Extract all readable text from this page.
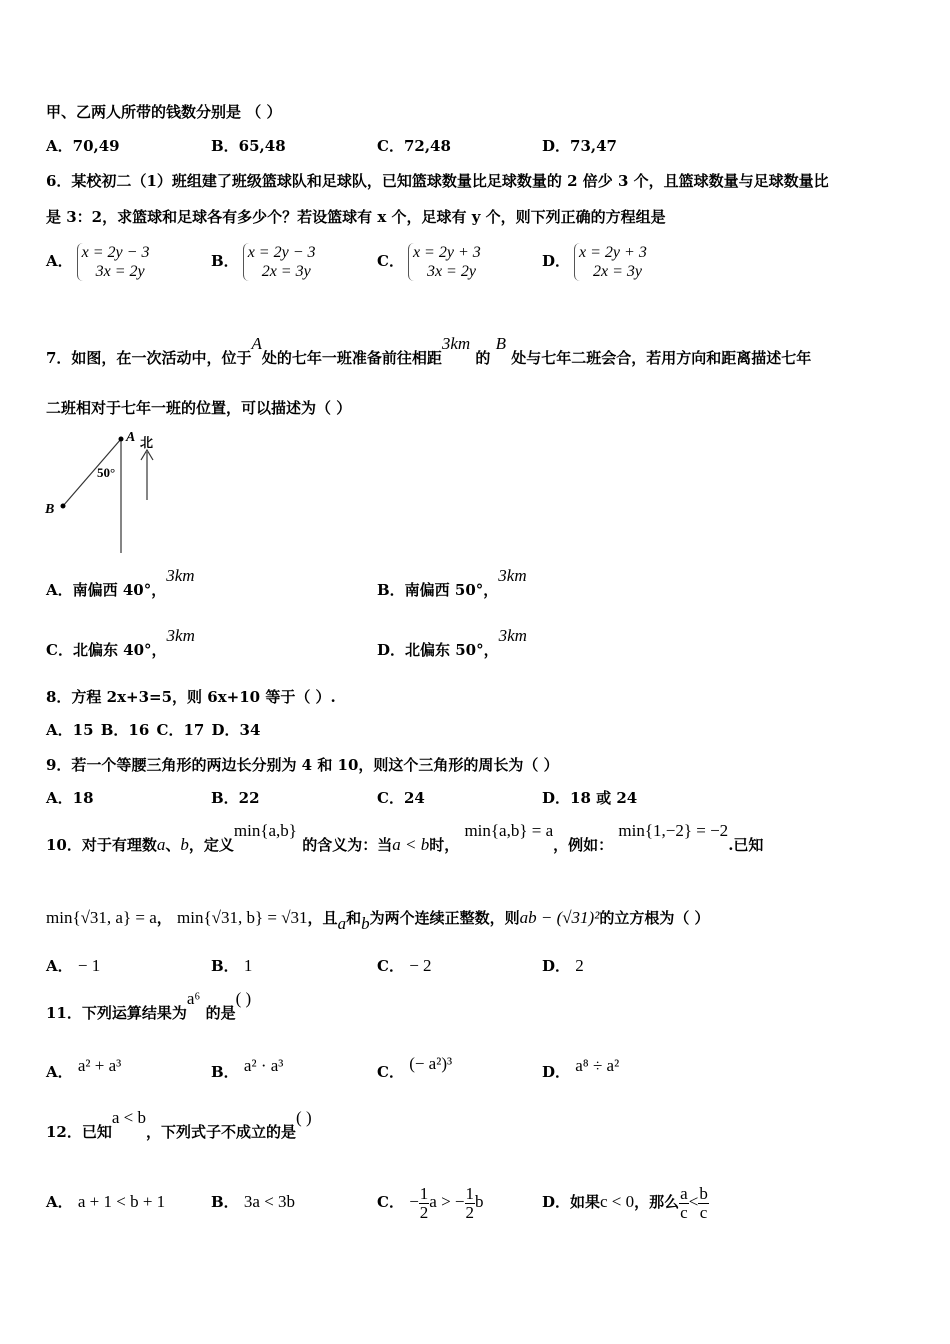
甲、乙两人所带的钱数分别是 （ ）
A．70,49	B．65,48	C．72,48	D．73,47
6．某校初二（1）班组建了班级篮球队和足球队，已知篮球数量比足球数量的 2 倍少 3 个，且篮球数量与足球数量比
是 3：2，求篮球和足球各有多少个？若设篮球有 x 个，足球有 y 个，则下列正确的方程组是
A． x = 2y − 3
3x = 2y
B． x = 2y − 3
2x = 3y
C． x = 2y + 3
3x = 2y
D． x = 2y + 3
2x = 3y
7．如图，在一次活动中，位于A处的七年一班准备前往相距3km 的 B 处与七年二班会合，若用方向和距离描述七年
二班相对于七年一班的位置，可以描述为（ ）
A
B
50°
北
A．南偏西 40°，3km
B．南偏西 50°，3km
C．北偏东 40°，3km
D．北偏东 50°，3km
8．方程 2x+3=5，则 6x+10 等于（ ）.
A．15 B．16 C．17 D．34
9．若一个等腰三角形的两边长分别为 4 和 10，则这个三角形的周长为（ ）
A．18	B．22	C．24	D．18 或 24
10．对于有理数a、b，定义min{a,b} 的含义为：当a < b时， min{a,b} = a，例如： min{1,−2} = −2.已知
min{√31, a} = a， min{√31, b} = √31，且a和b为两个连续正整数，则ab − (√31)²的立方根为（ ）
A． − 1	B． 1	C． − 2	D． 2
11．下列运算结果为a⁶ 的是( )
A． a² + a³	B． a² · a³	C． (− a²)³	D． a⁸ ÷ a²
12．已知a < b，下列式子不成立的是( )
A． a + 1 < b + 1	B． 3a < 3b	C． − $\frac{1}{2}$ a > − $\frac{1}{2}$ b	D．如果c < 0，那么 $\frac{a}{c} < \frac{b}{c}$
